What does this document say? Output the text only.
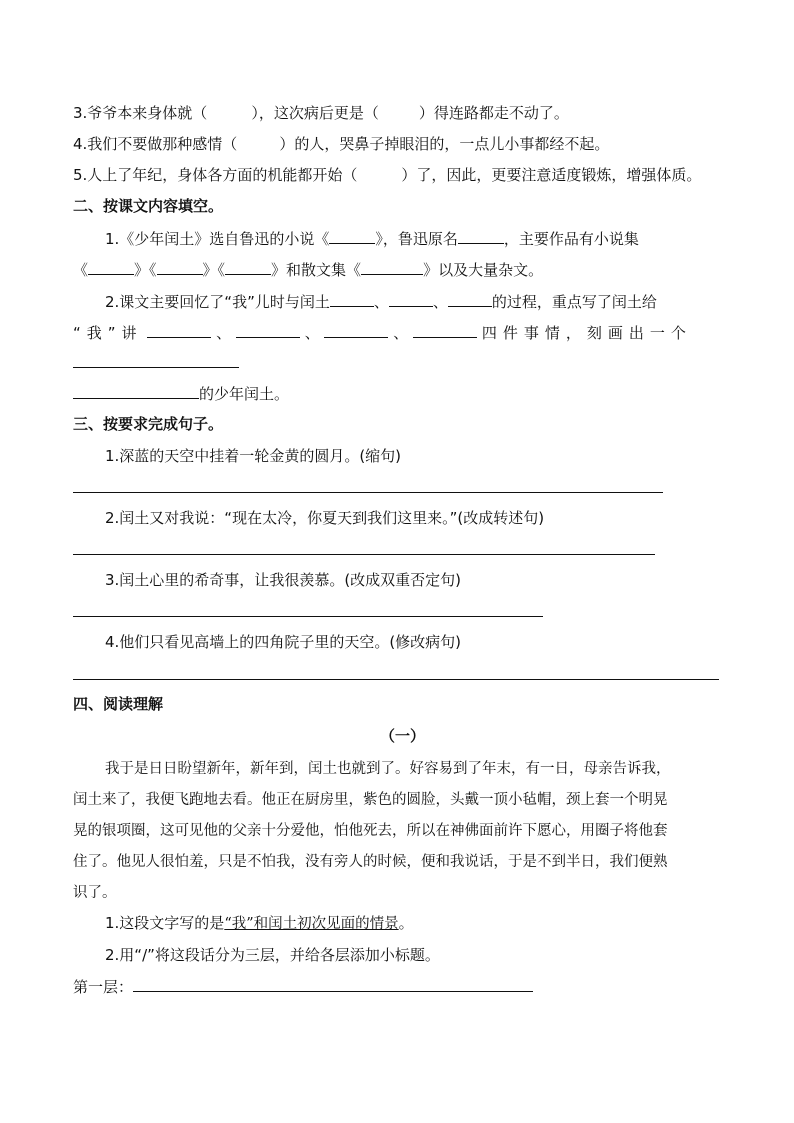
3.爷爷本来身体就（	），这次病后更是（	）得连路都走不动了。
4.我们不要做那种感情（	）的人，哭鼻子掉眼泪的，一点儿小事都经不起。
5.人上了年纪，身体各方面的机能都开始（	）了，因此，更要注意适度锻炼，增强体质。
二、按课文内容填空。
1.《少年闰土》选自鲁迅的小说《	》，鲁迅原名	，主要作品有小说集
《	》《	》《	》和散文集《	》以及大量杂文。
2.课文主要回忆了“我”儿时与闰土	、	、	的过程，重点写了闰土给
“我”讲	、	、	、	四件事情，刻画出一个
的少年闰土。
三、按要求完成句子。
1.深蓝的天空中挂着一轮金黄的圆月。(缩句)
2.闰土又对我说：“现在太冷，你夏天到我们这里来。”(改成转述句)
3.闰土心里的希奇事，让我很羡慕。(改成双重否定句)
4.他们只看见高墙上的四角院子里的天空。(修改病句)
四、阅读理解
（一）
我于是日日盼望新年，新年到，闰土也就到了。好容易到了年末，有一日，母亲告诉我，
闰土来了，我便飞跑地去看。他正在厨房里，紫色的圆脸，头戴一顶小毡帽，颈上套一个明晃
晃的银项圈，这可见他的父亲十分爱他，怕他死去，所以在神佛面前许下愿心，用圈子将他套
住了。他见人很怕羞，只是不怕我，没有旁人的时候，便和我说话，于是不到半日，我们便熟
识了。
1.这段文字写的是“我”和闰土初次见面的情景。
2.用“/”将这段话分为三层，并给各层添加小标题。
第一层：
